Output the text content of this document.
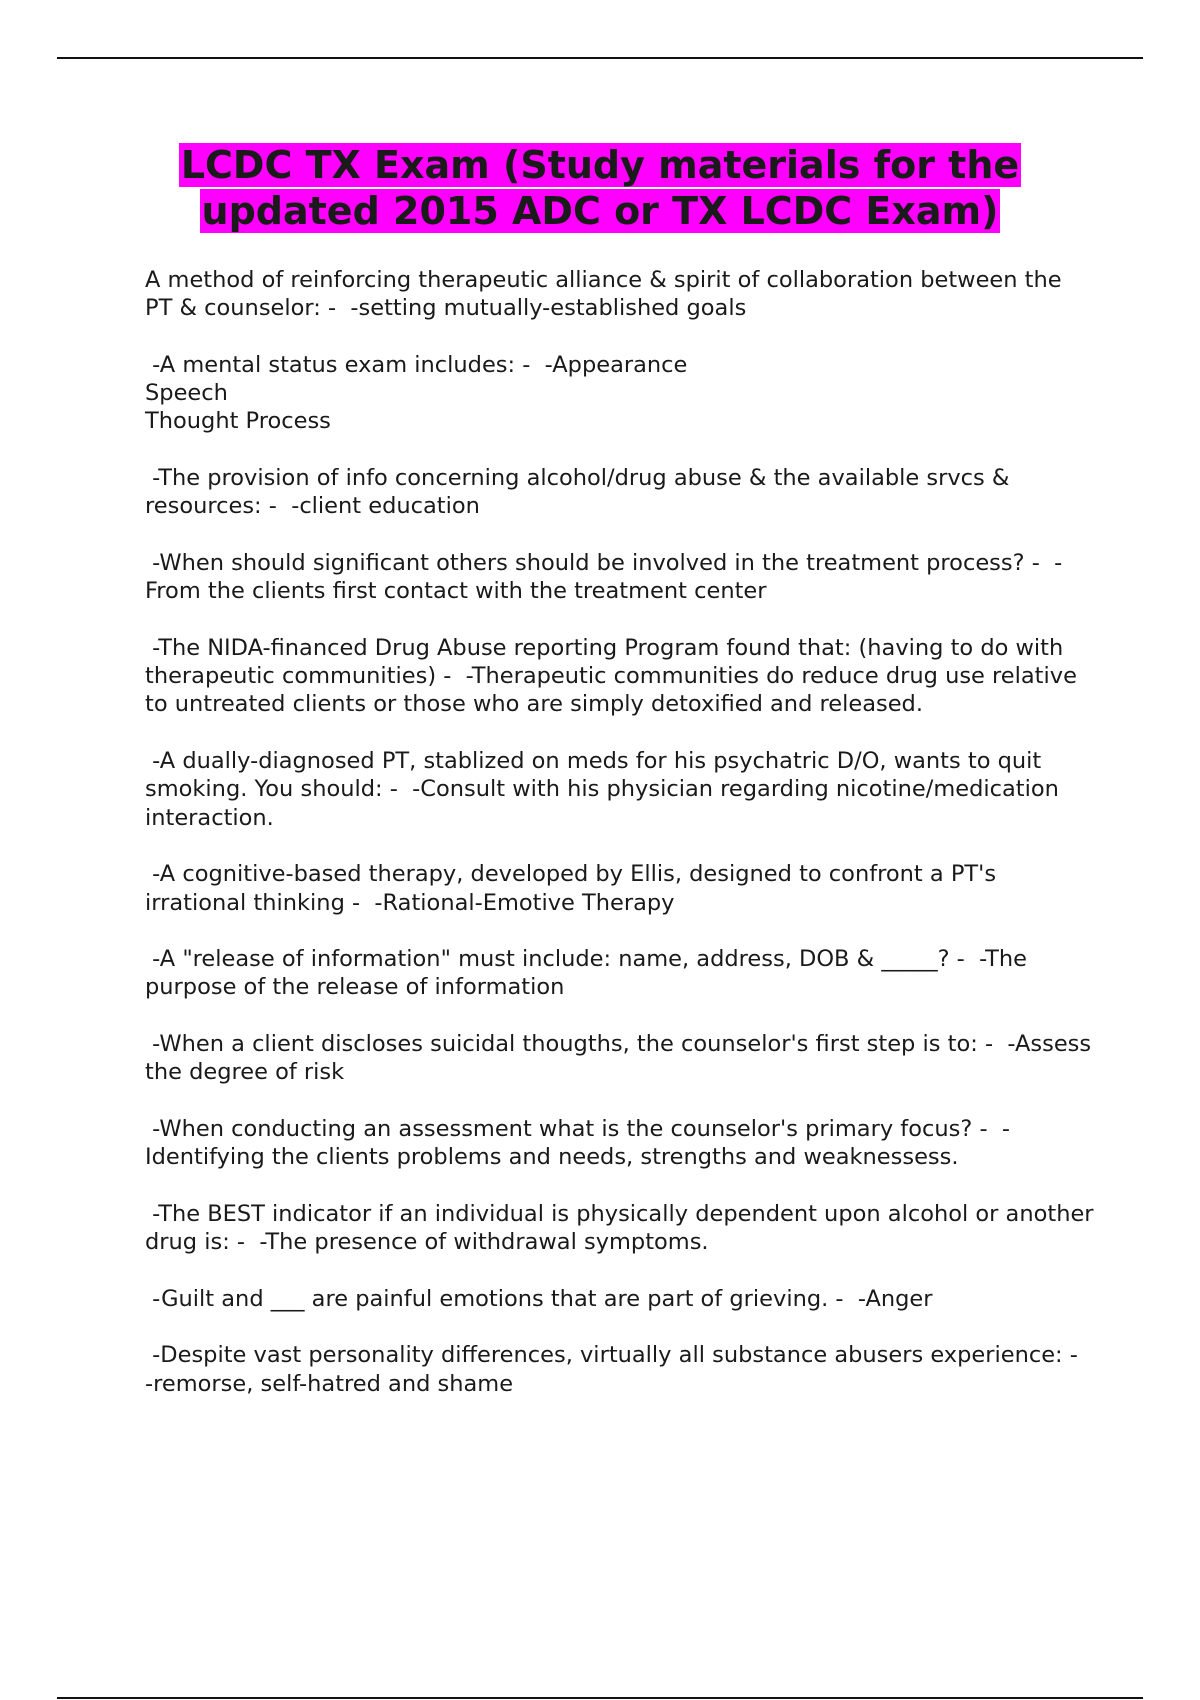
LCDC TX Exam (Study materials for the
updated 2015 ADC or TX LCDC Exam)

A method of reinforcing therapeutic alliance & spirit of collaboration between the PT & counselor: -  -setting mutually-established goals

-A mental status exam includes: -  -Appearance
Speech
Thought Process

-The provision of info concerning alcohol/drug abuse & the available srvcs & resources: -  -client education

-When should significant others should be involved in the treatment process? -  -From the clients first contact with the treatment center

-The NIDA-financed Drug Abuse reporting Program found that: (having to do with therapeutic communities) -  -Therapeutic communities do reduce drug use relative to untreated clients or those who are simply detoxified and released.

-A dually-diagnosed PT, stablized on meds for his psychatric D/O, wants to quit smoking. You should: -  -Consult with his physician regarding nicotine/medication interaction.

-A cognitive-based therapy, developed by Ellis, designed to confront a PT's irrational thinking -  -Rational-Emotive Therapy

-A "release of information" must include: name, address, DOB & _____? -  -The purpose of the release of information

-When a client discloses suicidal thougths, the counselor's first step is to: -  -Assess the degree of risk

-When conducting an assessment what is the counselor's primary focus? -  -Identifying the clients problems and needs, strengths and weaknessess.

-The BEST indicator if an individual is physically dependent upon alcohol or another drug is: -  -The presence of withdrawal symptoms.

-Guilt and ___ are painful emotions that are part of grieving. -  -Anger

-Despite vast personality differences, virtually all substance abusers experience: -  -remorse, self-hatred and shame
